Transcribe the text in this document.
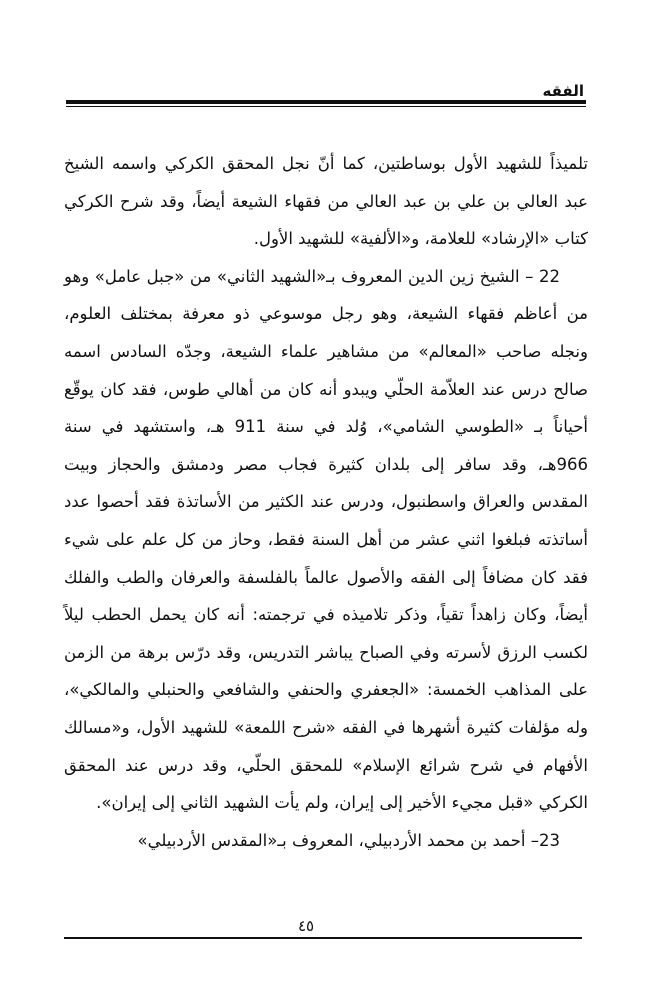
الفقه

تلميذاً للشهيد الأول بوساطتين، كما أنّ نجل المحقق الكركي واسمه الشيخ عبد العالي بن علي بن عبد العالي من فقهاء الشيعة أيضاً، وقد شرح الكركي كتاب «الإرشاد» للعلامة، و«الألفية» للشهيد الأول.

22 – الشيخ زين الدين المعروف بـ«الشهيد الثاني» من «جبل عامل» وهو من أعاظم فقهاء الشيعة، وهو رجل موسوعي ذو معرفة بمختلف العلوم، ونجله صاحب «المعالم» من مشاهير علماء الشيعة، وجدّه السادس اسمه صالح درس عند العلاّمة الحلّي ويبدو أنه كان من أهالي طوس، فقد كان يوقّع أحياناً بـ «الطوسي الشامي»، وُلد في سنة 911 هـ، واستشهد في سنة 966هـ، وقد سافر إلى بلدان كثيرة فجاب مصر ودمشق والحجاز وبيت المقدس والعراق واسطنبول، ودرس عند الكثير من الأساتذة فقد أحصوا عدد أساتذته فبلغوا اثني عشر من أهل السنة فقط، وحاز من كل علم على شيء فقد كان مضافاً إلى الفقه والأصول عالماً بالفلسفة والعرفان والطب والفلك أيضاً، وكان زاهداً تقياً، وذكر تلاميذه في ترجمته: أنه كان يحمل الحطب ليلاً لكسب الرزق لأسرته وفي الصباح يباشر التدريس، وقد درّس برهة من الزمن على المذاهب الخمسة: «الجعفري والحنفي والشافعي والحنبلي والمالكي»، وله مؤلفات كثيرة أشهرها في الفقه «شرح اللمعة» للشهيد الأول، و«مسالك الأفهام في شرح شرائع الإسلام» للمحقق الحلّي، وقد درس عند المحقق الكركي «قبل مجيء الأخير إلى إيران، ولم يأت الشهيد الثاني إلى إيران».

23– أحمد بن محمد الأردبيلي، المعروف بـ«المقدس الأردبيلي»

٤٥
